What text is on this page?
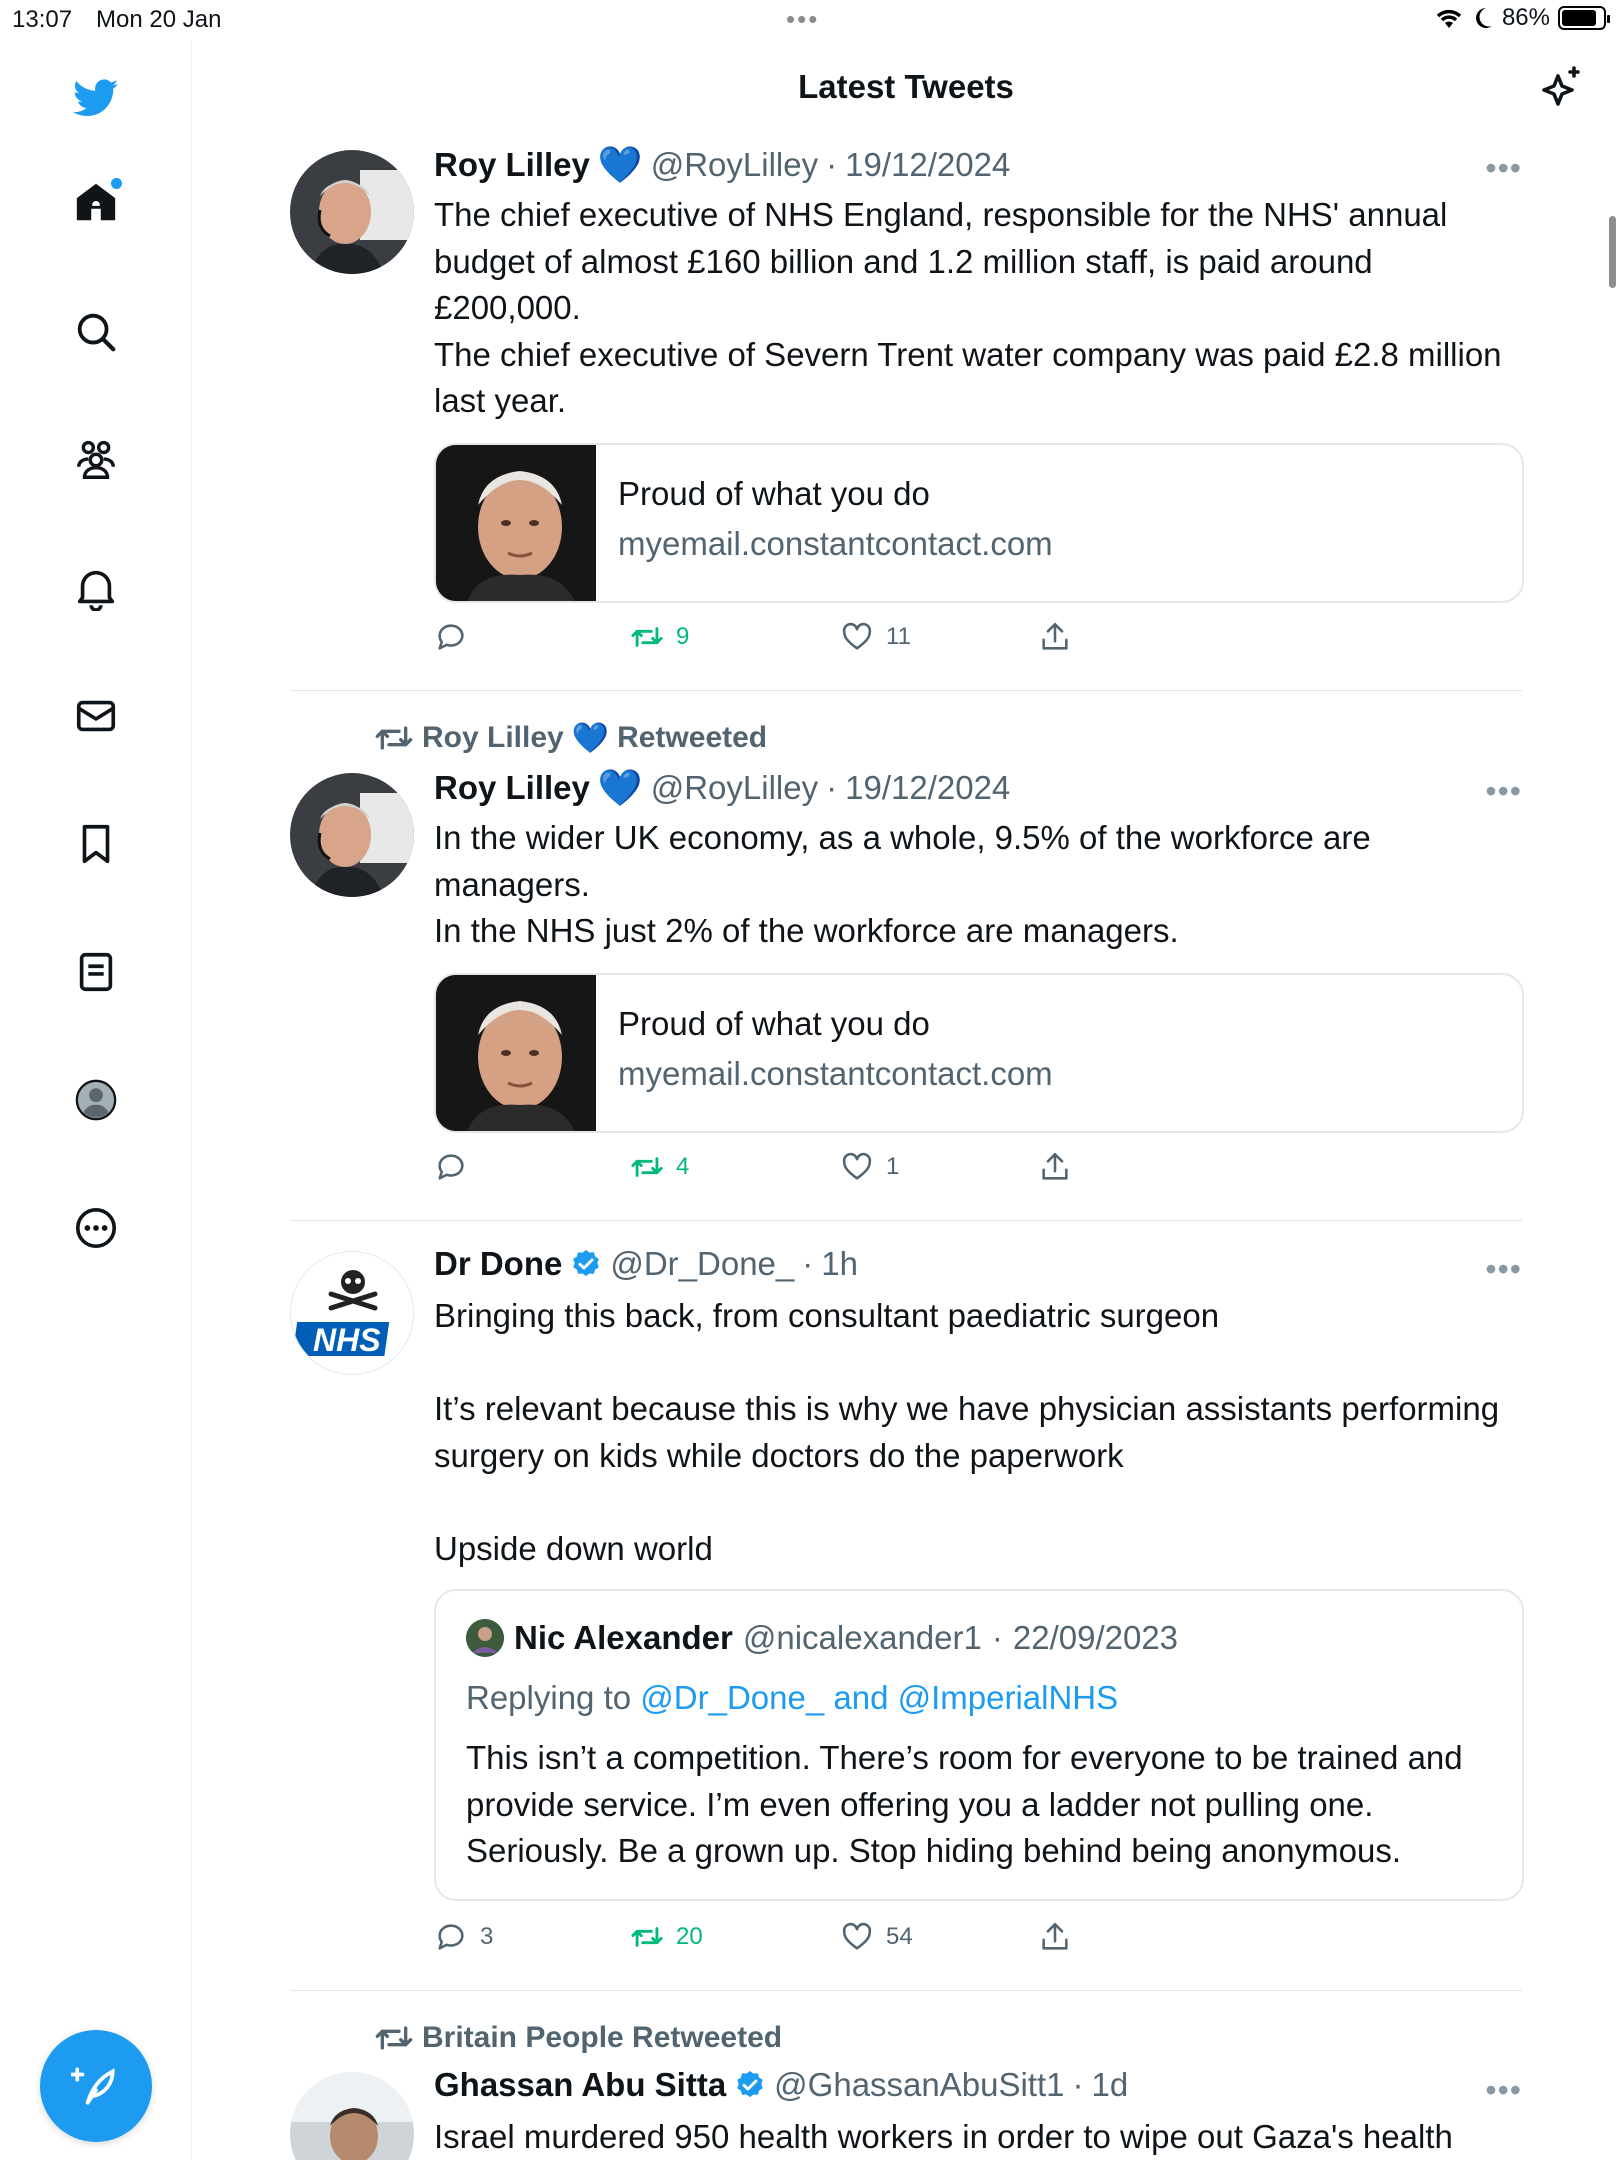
13:07 Mon 20 Jan	•••	86%
Latest Tweets
Roy Lilley 💙 @RoyLilley · 19/12/2024	•••
The chief executive of NHS England, responsible for the NHS' annual budget of almost £160 billion and 1.2 million staff, is paid around £200,000.
The chief executive of Severn Trent water company was paid £2.8 million last year.
Proud of what you do
myemail.constantcontact.com
9	11
Roy Lilley 💙 Retweeted
Roy Lilley 💙 @RoyLilley · 19/12/2024	•••
In the wider UK economy, as a whole, 9.5% of the workforce are managers.
In the NHS just 2% of the workforce are managers.
Proud of what you do
myemail.constantcontact.com
4	1
NHS
Dr Done @Dr_Done_ · 1h	•••
Bringing this back, from consultant paediatric surgeon

It’s relevant because this is why we have physician assistants performing surgery on kids while doctors do the paperwork

Upside down world
Nic Alexander @nicalexander1 · 22/09/2023
Replying to @Dr_Done_ and @ImperialNHS
This isn’t a competition. There’s room for everyone to be trained and provide service. I’m even offering you a ladder not pulling one. Seriously. Be a grown up. Stop hiding behind being anonymous.
3	20	54
Britain People Retweeted
Ghassan Abu Sitta @GhassanAbuSitt1 · 1d	•••
Israel murdered 950 health workers in order to wipe out Gaza's health
